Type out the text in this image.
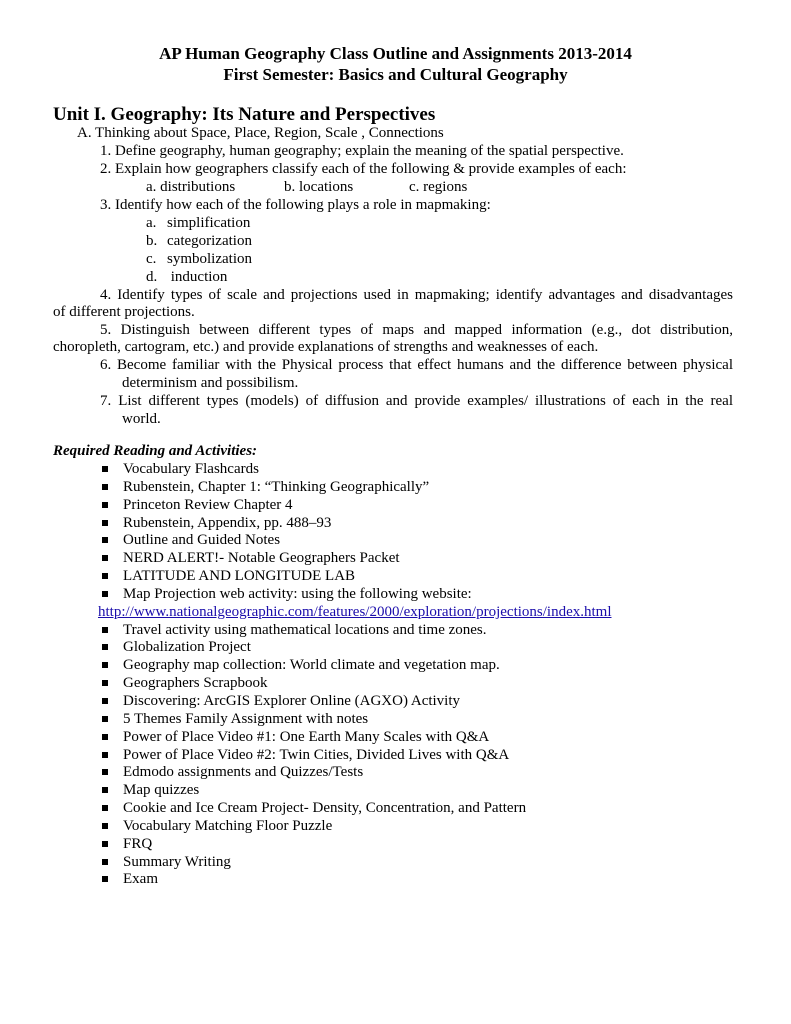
AP Human Geography Class Outline and Assignments 2013-2014
First Semester: Basics and Cultural Geography
Unit I. Geography: Its Nature and Perspectives
A. Thinking about Space, Place, Region, Scale , Connections
1. Define geography, human geography; explain the meaning of the spatial perspective.
2. Explain how geographers classify each of the following & provide examples of each:
a. distributions	b. locations	c. regions
3. Identify how each of the following plays a role in mapmaking:
a. simplification
b. categorization
c. symbolization
d. induction
4. Identify types of scale and projections used in mapmaking; identify advantages and disadvantages
of different projections.
5. Distinguish between different types of maps and mapped information (e.g., dot distribution,
choropleth, cartogram, etc.) and provide explanations of strengths and weaknesses of each.
6. Become familiar with the Physical process that effect humans and the difference between physical
determinism and possibilism.
7. List different types (models) of diffusion and provide examples/ illustrations of each in the real
world.
Required Reading and Activities:
Vocabulary Flashcards
Rubenstein, Chapter 1: “Thinking Geographically”
Princeton Review Chapter 4
Rubenstein, Appendix, pp. 488–93
Outline and Guided Notes
NERD ALERT!- Notable Geographers Packet
LATITUDE AND LONGITUDE LAB
Map Projection web activity: using the following website:
http://www.nationalgeographic.com/features/2000/exploration/projections/index.html
Travel activity using mathematical locations and time zones.
Globalization Project
Geography map collection: World climate and vegetation map.
Geographers Scrapbook
Discovering: ArcGIS Explorer Online (AGXO) Activity
5 Themes Family Assignment with notes
Power of Place Video #1: One Earth Many Scales with Q&A
Power of Place Video #2: Twin Cities, Divided Lives with Q&A
Edmodo assignments and Quizzes/Tests
Map quizzes
Cookie and Ice Cream Project- Density, Concentration, and Pattern
Vocabulary Matching Floor Puzzle
FRQ
Summary Writing
Exam
